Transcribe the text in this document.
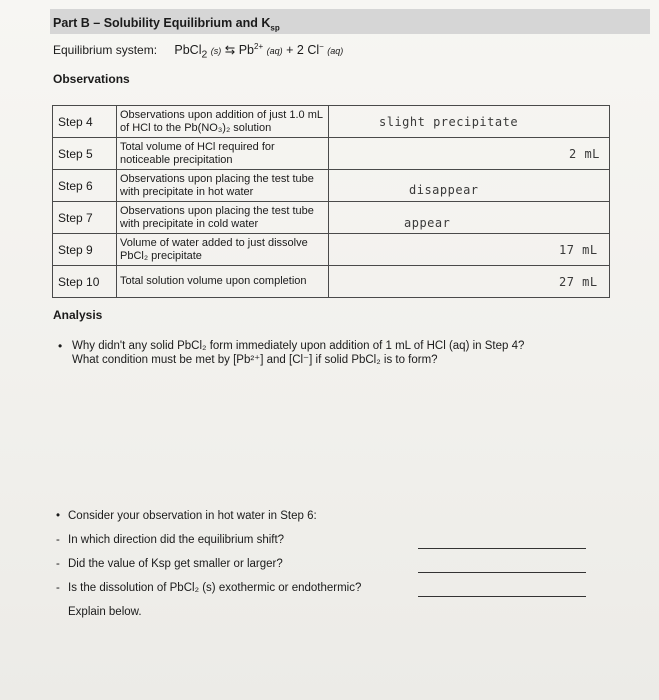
Part B – Solubility Equilibrium and $K_{sp}$
Equilibrium system: PbCl$_2$ (s) ⇆ $Pb^{2+}$ (aq) + 2 Cl− (aq)
Observations
Step 4	Observations upon addition of just 1.0 mL of HCl to the Pb(NO₃)₂ solution	slight precipitate

Step 5	Total volume of HCl required for noticeable precipitation	2 mL

Step 6	Observations upon placing the test tube with precipitate in hot water	disappear

Step 7	Observations upon placing the test tube with precipitate in cold water	appear

Step 9	Volume of water added to just dissolve PbCl₂ precipitate	17 mL

Step 10	Total solution volume upon completion	27 mL
Analysis
• Why didn't any solid PbCl₂ form immediately upon addition of 1 mL of HCl (aq) in Step 4?
What condition must be met by [Pb²⁺] and [Cl⁻] if solid PbCl₂ is to form?
• Consider your observation in hot water in Step 6:
- In which direction did the equilibrium shift?
- Did the value of Ksp get smaller or larger?
- Is the dissolution of PbCl₂ (s) exothermic or endothermic?
Explain below.
